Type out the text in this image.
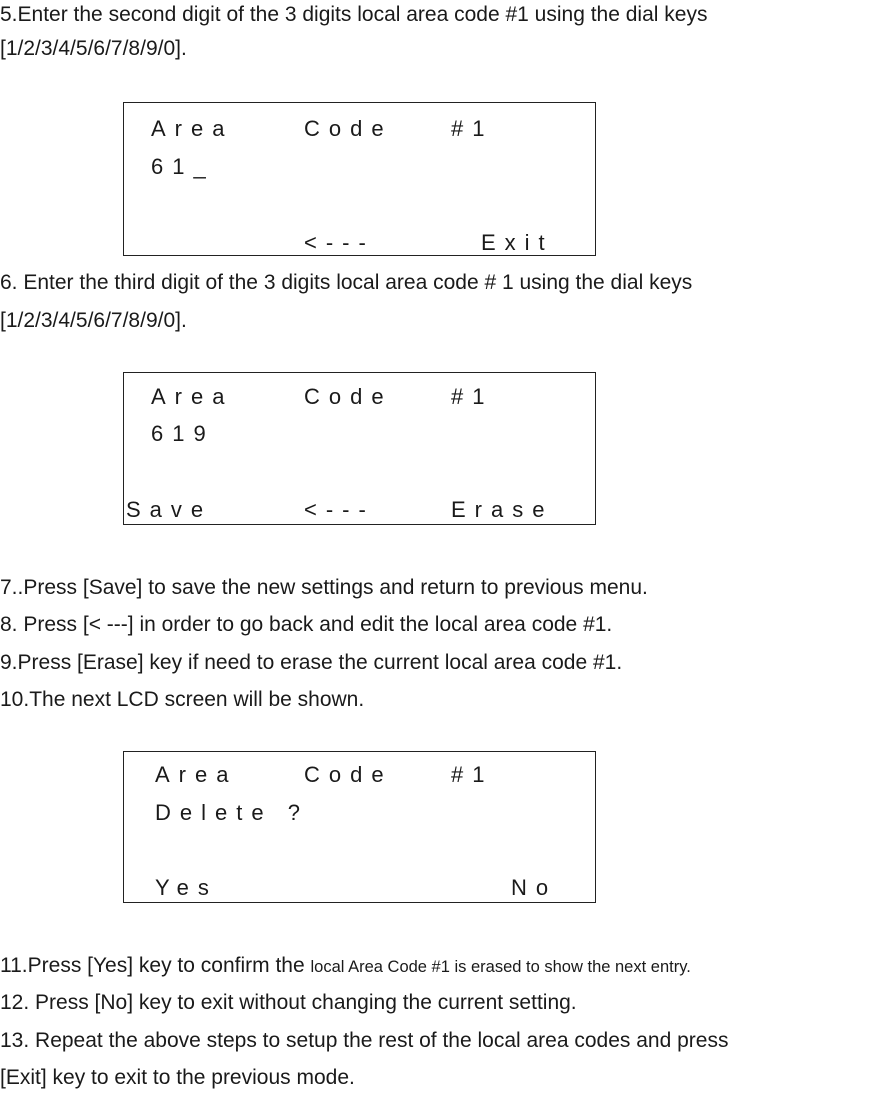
5.Enter the second digit of the 3 digits local area code #1 using the dial keys
[1/2/3/4/5/6/7/8/9/0].
Area	Code	#1
61_
<---	Exit
6. Enter the third digit of the 3 digits local area code # 1 using the dial keys
[1/2/3/4/5/6/7/8/9/0].
Area	Code	#1
619
Save	<---	Erase
7..Press [Save] to save the new settings and return to previous menu.
8. Press [< ---] in order to go back and edit the local area code #1.
9.Press [Erase] key if need to erase the current local area code #1.
10.The next LCD screen will be shown.
Area	Code	#1
Delete ?
Yes	No
11.Press [Yes] key to confirm the local Area Code #1 is erased to show the next entry.
12. Press [No] key to exit without changing the current setting.
13. Repeat the above steps to setup the rest of the local area codes and press
[Exit] key to exit to the previous mode.
